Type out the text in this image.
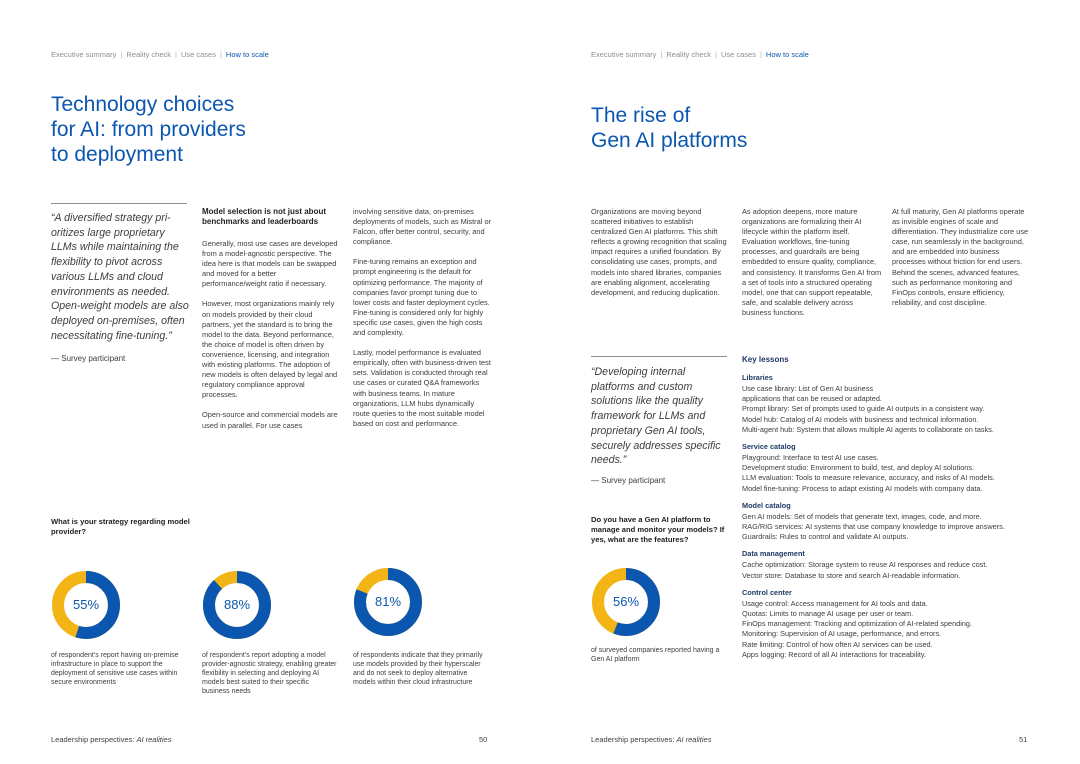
Executive summary | Reality check | Use cases | How to scale
Technology choices
for AI: from providers
to deployment
“A diversified strategy pri-oritizes large proprietary LLMs while maintaining the flexibility to pivot across various LLMs and cloud environments as needed. Open-weight models are also deployed on-premises, often necessitating fine-tuning.”
— Survey participant
Model selection is not just about benchmarks and leaderboards

Generally, most use cases are developed from a model-agnostic perspective. The idea here is that models can be swapped and moved for a better performance/weight ratio if necessary.

However, most organizations mainly rely on models provided by their cloud partners, yet the standard is to bring the model to the data. Beyond performance, the choice of model is often driven by convenience, licensing, and integration with existing platforms. The adoption of new models is often delayed by legal and regulatory compliance approval processes.

Open-source and commercial models are used in parallel. For use cases

involving sensitive data, on-premises deployments of models, such as Mistral or Falcon, offer better control, security, and compliance.

Fine-tuning remains an exception and prompt engineering is the default for optimizing performance. The majority of companies favor prompt tuning due to lower costs and faster deployment cycles. Fine-tuning is considered only for highly specific use cases, given the high costs and complexity.

Lastly, model performance is evaluated empirically, often with business-driven test sets. Validation is conducted through real use cases or curated Q&A frameworks with business teams. In mature organizations, LLM hubs dynamically route queries to the most suitable model based on cost and performance.

What is your strategy regarding model provider?
55%
of respondent’s report having on-premise infrastructure in place to support the deployment of sensitive use cases within secure environments
88%
of respondent’s report adopting a model provider-agnostic strategy, enabling greater flexibility in selecting and deploying AI models best suited to their specific business needs
81%
of respondents indicate that they primarily use models provided by their hyperscaler and do not seek to deploy alternative models within their cloud infrastructure
Leadership perspectives: AI realities	50
Executive summary | Reality check | Use cases | How to scale
The rise of
Gen AI platforms
Organizations are moving beyond scattered initiatives to establish centralized Gen AI platforms. This shift reflects a growing recognition that scaling impact requires a unified foundation. By consolidating use cases, prompts, and models into shared libraries, companies are enabling alignment, accelerating development, and reducing duplication.
As adoption deepens, more mature organizations are formalizing their AI lifecycle within the platform itself. Evaluation workflows, fine-tuning processes, and guardrails are being embedded to ensure quality, compliance, and consistency. It transforms Gen AI from a set of tools into a structured operating model, one that can support repeatable, safe, and scalable delivery across business functions.
At full maturity, Gen AI platforms operate as invisible engines of scale and differentiation. They industrialize core use case, run seamlessly in the background, and are embedded into business processes without friction for end users. Behind the scenes, advanced features, such as performance monitoring and FinOps controls, ensure efficiency, reliability, and cost discipline.
“Developing internal platforms and custom solutions like the quality framework for LLMs and proprietary Gen AI tools, securely addresses specific needs.”
— Survey participant
Do you have a Gen AI platform to manage and monitor your models? If yes, what are the features?
56%
of surveyed companies reported having a Gen AI platform
Key lessons
Libraries
Use case library: List of Gen AI business applications that can be reused or adapted.
Prompt library: Set of prompts used to guide AI outputs in a consistent way.
Model hub: Catalog of AI models with business and technical information.
Multi-agent hub: System that allows multiple AI agents to collaborate on tasks.
Service catalog
Playground: Interface to test AI use cases.
Development studio: Environment to build, test, and deploy AI solutions.
LLM evaluation: Tools to measure relevance, accuracy, and risks of AI models.
Model fine-tuning: Process to adapt existing AI models with company data.
Model catalog
Gen AI models: Set of models that generate text, images, code, and more.
RAG/RIG services: AI systems that use company knowledge to improve answers.
Guardrails: Rules to control and validate AI outputs.
Data management
Cache optimization: Storage system to reuse AI responses and reduce cost.
Vector store: Database to store and search AI-readable information.
Control center
Usage control: Access management for AI tools and data.
Quotas: Limits to manage AI usage per user or team.
FinOps management: Tracking and optimization of AI-related spending.
Monitoring: Supervision of AI usage, performance, and errors.
Rate limiting: Control of how often AI services can be used.
Apps logging: Record of all AI interactions for traceability.
Leadership perspectives: AI realities	51
